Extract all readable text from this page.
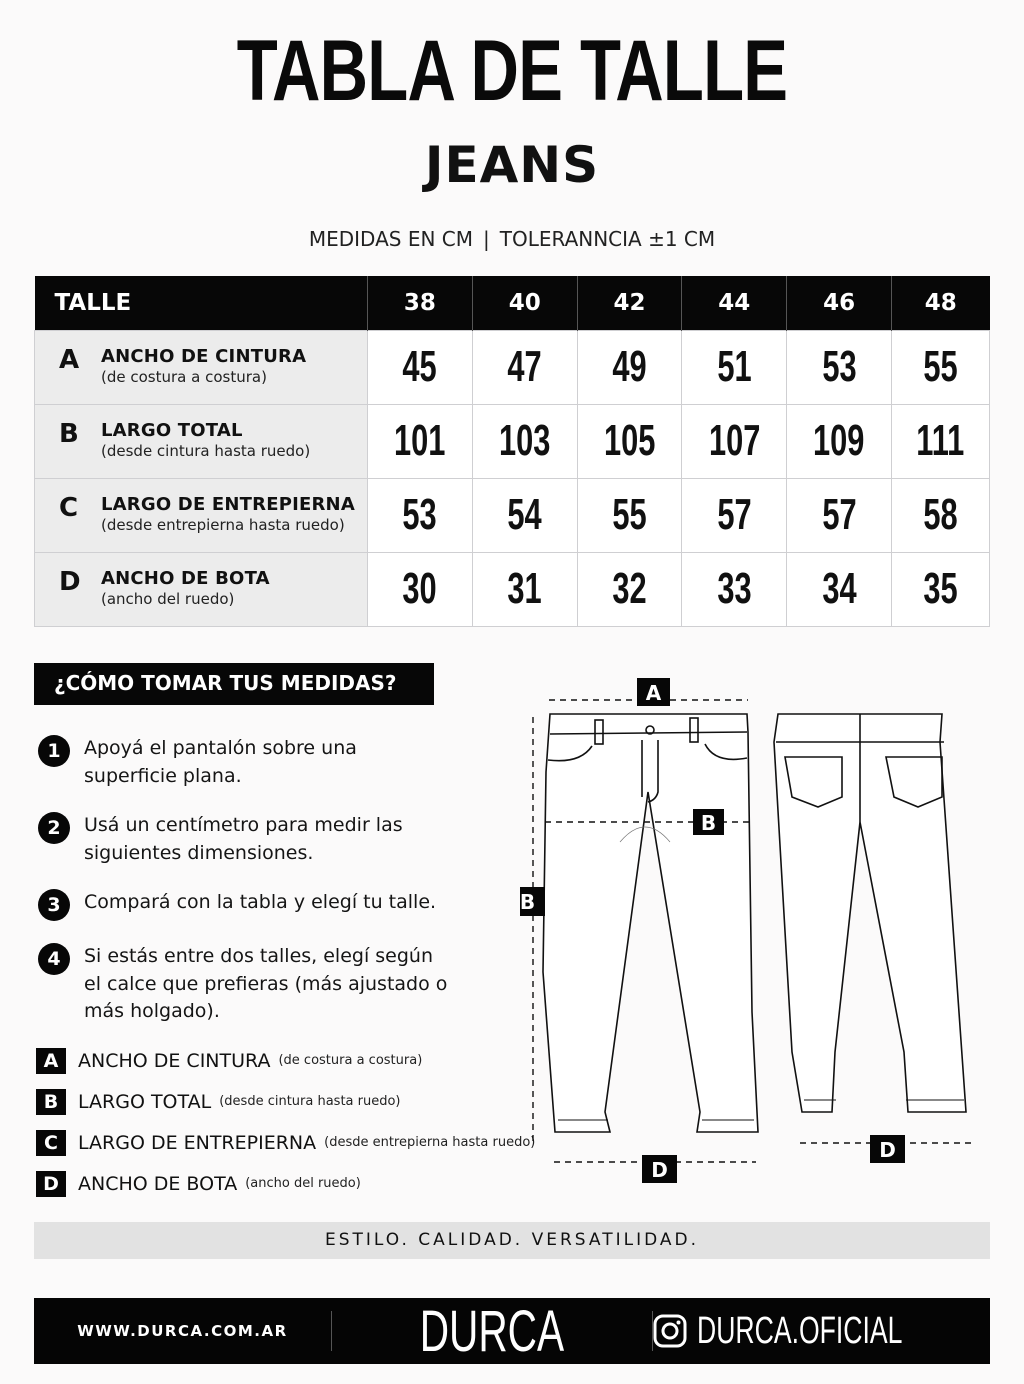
TABLA DE TALLE
JEANS
MEDIDAS EN CM | TOLERANNCIA ±1 CM
TALLE	38	40	42	44	46	48

A ANCHO DE CINTURA
(de costura a costura)	45	47	49	51	53	55

B LARGO TOTAL
(desde cintura hasta ruedo)	101	103	105	107	109	111

C LARGO DE ENTREPIERNA
(desde entrepierna hasta ruedo)	53	54	55	57	57	58

D ANCHO DE BOTA
(ancho del ruedo)	30	31	32	33	34	35
¿CÓMO TOMAR TUS MEDIDAS?
1	Apoyá el pantalón sobre una superficie plana.
2	Usá un centímetro para medir las siguientes dimensiones.
3	Compará con la tabla y elegí tu talle.
4	Si estás entre dos talles, elegí según el calce que prefieras (más ajustado o más holgado).
A	ANCHO DE CINTURA (de costura a costura)
B	LARGO TOTAL (desde cintura hasta ruedo)
C	LARGO DE ENTREPIERNA (desde entrepierna hasta ruedo)
D	ANCHO DE BOTA (ancho del ruedo)
A
B
B
D
D
ESTILO. CALIDAD. VERSATILIDAD.
WWW.DURCA.COM.AR	DURCA	DURCA.OFICIAL
